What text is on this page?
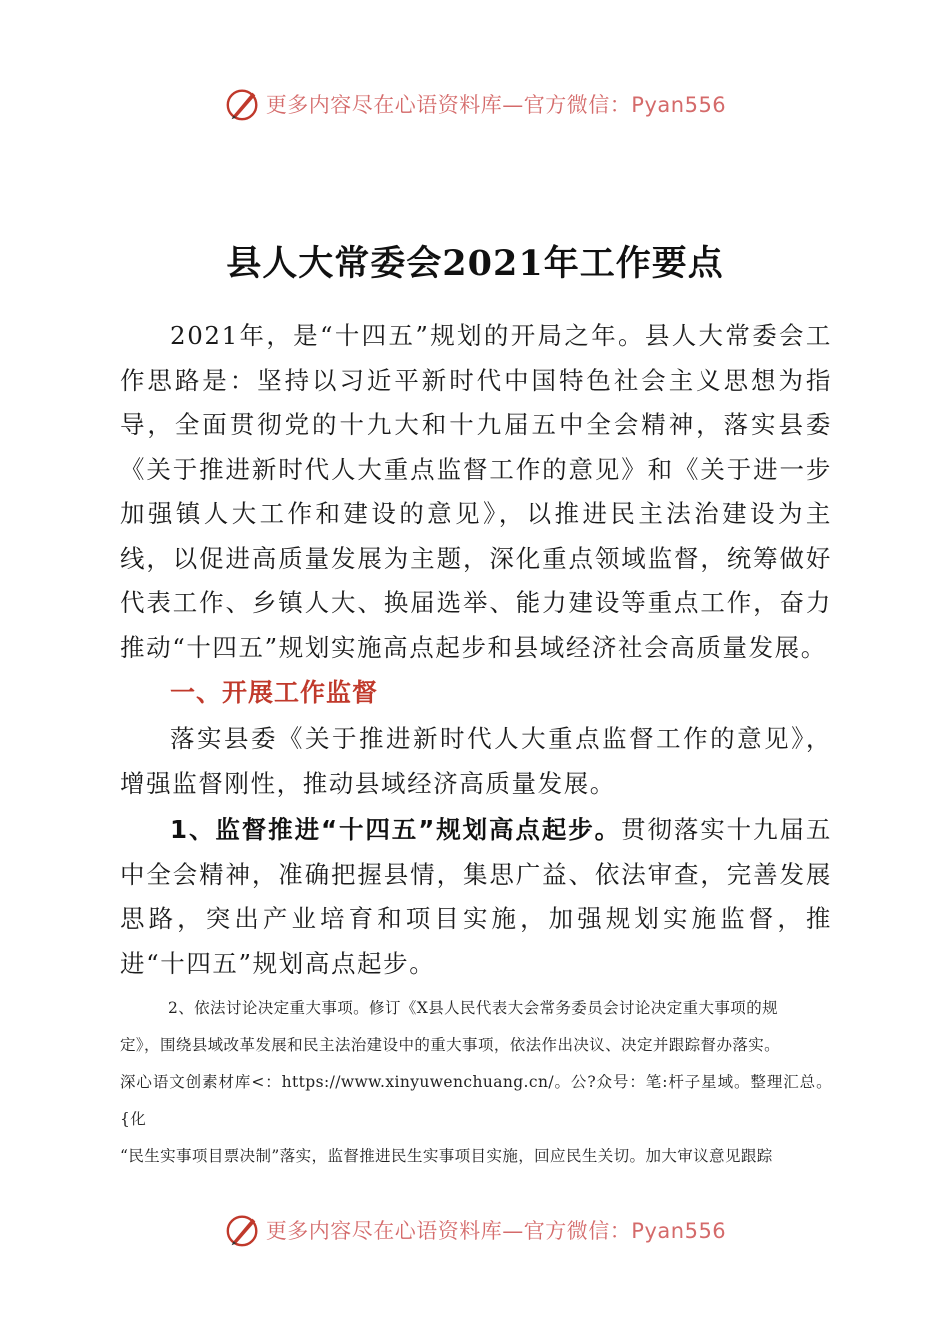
更多内容尽在心语资料库—官方微信：Pyan556
县人大常委会2021年工作要点

2021年，是“十四五”规划的开局之年。县人大常委会工作思路是：坚持以习近平新时代中国特色社会主义思想为指导，全面贯彻党的十九大和十九届五中全会精神，落实县委《关于推进新时代人大重点监督工作的意见》和《关于进一步加强镇人大工作和建设的意见》，以推进民主法治建设为主线，以促进高质量发展为主题，深化重点领域监督，统筹做好代表工作、乡镇人大、换届选举、能力建设等重点工作，奋力推动“十四五”规划实施高点起步和县域经济社会高质量发展。

一、开展工作监督

落实县委《关于推进新时代人大重点监督工作的意见》，增强监督刚性，推动县域经济高质量发展。

1、监督推进“十四五”规划高点起步。贯彻落实十九届五中全会精神，准确把握县情，集思广益、依法审查，完善发展思路，突出产业培育和项目实施，加强规划实施监督，推进“十四五”规划高点起步。

2、依法讨论决定重大事项。修订《X县人民代表大会常务委员会讨论决定重大事项的规
定》，围绕县域改革发展和民主法治建设中的重大事项，依法作出决议、决定并跟踪督办落实。
深心语文创素材库<：https://www.xinyuwenchuang.cn/。公?众号：笔:杆子星域。整理汇总。{化
“民生实事项目票决制”落实，监督推进民生实事项目实施，回应民生关切。加大审议意见跟踪
更多内容尽在心语资料库—官方微信：Pyan556
